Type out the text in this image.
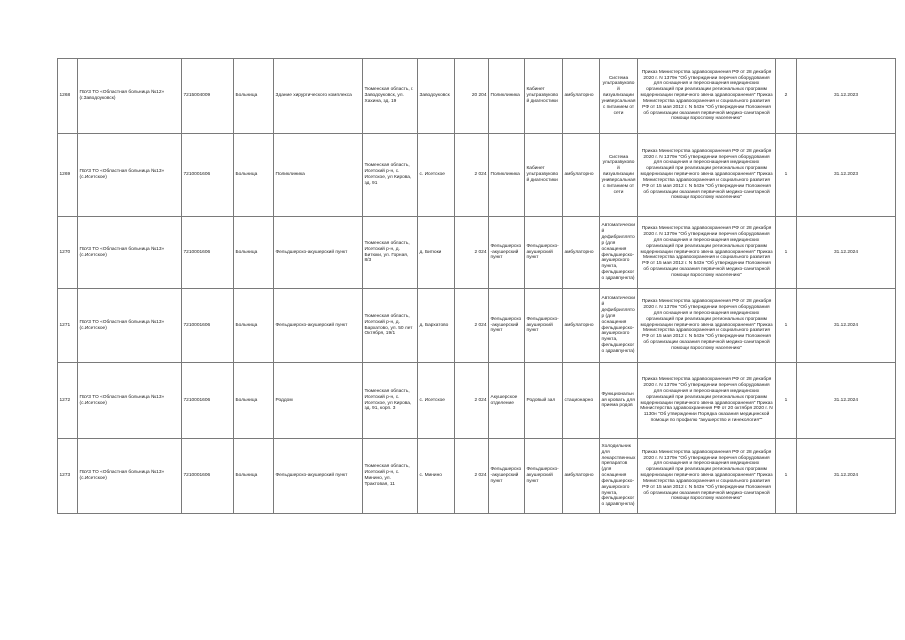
1268	ГБУЗ ТО «Областная больница №12» (г.Заводоуковск)	7215004009	Больница	Здание хирургического комплекса	Тюменская область, г. Заводоуковск, ул. Хахина, зд. 19	Заводоуковск	20 204	Поликлиника	Кабинет ультразвуковой диагностики	амбулаторно	Система ультразвуковой визуализации универсальная с питанием от сети	Приказ Министерства здравоохранения РФ от 28 декабря 2020 г. N 1379н "Об утверждении перечня оборудования для оснащения и переоснащения медицинских организаций при реализации региональных программ модернизации первичного звена здравоохранения" Приказ Министерства здравоохранения и социального развития РФ от 15 мая 2012 г. N 543н "Об утверждении Положения об организации оказания первичной медико-санитарной помощи взрослому населению"	2	31.12.2023
1269	ГБУЗ ТО «Областная больница №13» (с.Исетское)	7210001606	Больница	Поликлиника	Тюменская область, Исетский р-н, с. Исетское, ул Кирова, зд. 91	с. Исетское	2 024	Поликлиника	Кабинет ультразвуковой диагностики	амбулаторно	Система ультразвуковой визуализации универсальная с питанием от сети	Приказ Министерства здравоохранения РФ от 28 декабря 2020 г. N 1379н "Об утверждении перечня оборудования для оснащения и переоснащения медицинских организаций при реализации региональных программ модернизации первичного звена здравоохранения" Приказ Министерства здравоохранения и социального развития РФ от 15 мая 2012 г. N 543н "Об утверждении Положения об организации оказания первичной медико-санитарной помощи взрослому населению"	1	31.12.2023
1270	ГБУЗ ТО «Областная больница №13» (с.Исетское)	7210001606	Больница	Фельдшерско-акушерский пункт	Тюменская область, Исетский р-н, д. Битюки, ул. Горная, 8/3	д. Битюки	2 024	Фельдшерско-акушерский пункт	Фельдшерско-акушерский пункт	амбулаторно	Автоматический дефибриллятор (для оснащения фельдшерско-акушерского пункта, фельдшерского здравпункта)	Приказ Министерства здравоохранения РФ от 28 декабря 2020 г. N 1379н "Об утверждении перечня оборудования для оснащения и переоснащения медицинских организаций при реализации региональных программ модернизации первичного звена здравоохранения" Приказ Министерства здравоохранения и социального развития РФ от 15 мая 2012 г. N 543н "Об утверждении Положения об организации оказания первичной медико-санитарной помощи взрослому населению"	1	31.12.2024
1271	ГБУЗ ТО «Областная больница №13» (с.Исетское)	7210001606	Больница	Фельдшерско-акушерский пункт	Тюменская область, Исетский р-н, д. Бархатово, ул. 50 лет Октября, 19/1	д. Бархатово	2 024	Фельдшерско-акушерский пункт	Фельдшерско-акушерский пункт	амбулаторно	Автоматический дефибриллятор (для оснащения фельдшерско-акушерского пункта, фельдшерского здравпункта)	Приказ Министерства здравоохранения РФ от 28 декабря 2020 г. N 1379н "Об утверждении перечня оборудования для оснащения и переоснащения медицинских организаций при реализации региональных программ модернизации первичного звена здравоохранения" Приказ Министерства здравоохранения и социального развития РФ от 15 мая 2012 г. N 543н "Об утверждении Положения об организации оказания первичной медико-санитарной помощи взрослому населению"	1	31.12.2024
1272	ГБУЗ ТО «Областная больница №13» (с.Исетское)	7210001606	Больница	Роддом	Тюменская область, Исетский р-н, с. Исетское, ул Кирова, зд. 91, корп. 3	с. Исетское	2 024	Акушерское отделение	Родовый зал	стационарно	Функциональная кровать для приема родов	Приказ Министерства здравоохранения РФ от 28 декабря 2020 г. N 1379н "Об утверждении перечня оборудования для оснащения и переоснащения медицинских организаций при реализации региональных программ модернизации первичного звена здравоохранения" Приказ Министерства здравоохранения РФ от 20 октября 2020 г. N 1130н "Об утверждении Порядка оказания медицинской помощи по профилю "акушерство и гинекология""	1	31.12.2024
1273	ГБУЗ ТО «Областная больница №13» (с.Исетское)	7210001606	Больница	Фельдшерско-акушерский пункт	Тюменская область, Исетский р-н, с. Минино, ул. Трактовая, 11	с. Минино	2 024	Фельдшерско-акушерский пункт	Фельдшерско-акушерский пункт	амбулаторно	Холодильник для лекарственных препаратов (для оснащения фельдшерско-акушерского пункта, фельдшерского здравпункта)	Приказ Министерства здравоохранения РФ от 28 декабря 2020 г. N 1379н "Об утверждении перечня оборудования для оснащения и переоснащения медицинских организаций при реализации региональных программ модернизации первичного звена здравоохранения" Приказ Министерства здравоохранения и социального развития РФ от 15 мая 2012 г. N 543н "Об утверждении Положения об организации оказания первичной медико-санитарной помощи взрослому населению"	1	31.12.2024
